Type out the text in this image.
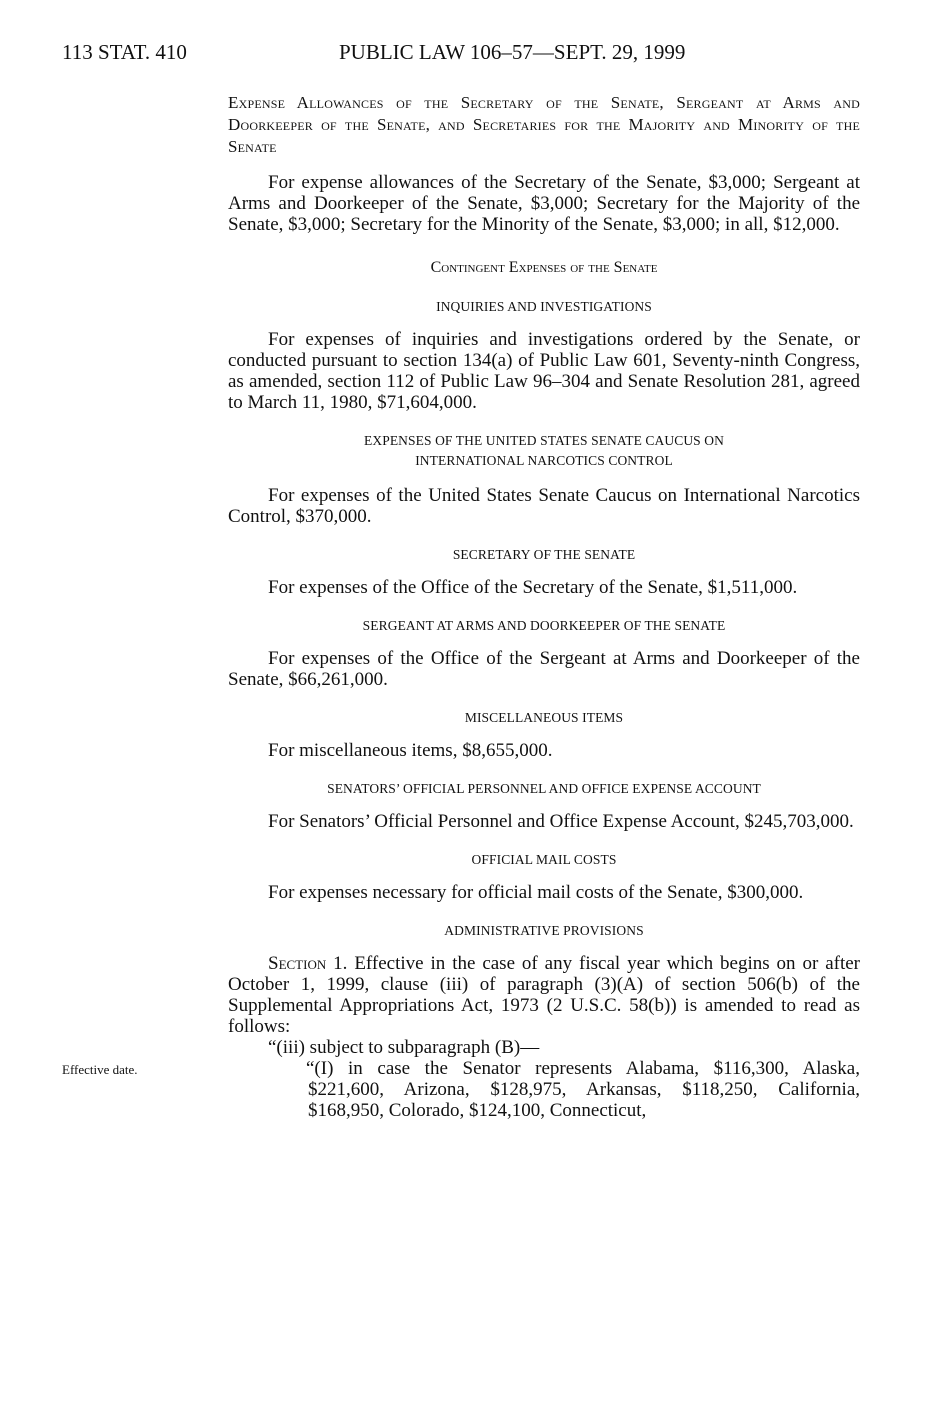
113 STAT. 410	PUBLIC LAW 106–57—SEPT. 29, 1999
Effective date.

Expense Allowances of the Secretary of the Senate, Sergeant at Arms and Doorkeeper of the Senate, and Secretaries for the Majority and Minority of the Senate

For expense allowances of the Secretary of the Senate, $3,000; Sergeant at Arms and Doorkeeper of the Senate, $3,000; Secretary for the Majority of the Senate, $3,000; Secretary for the Minority of the Senate, $3,000; in all, $12,000.

Contingent Expenses of the Senate

INQUIRIES AND INVESTIGATIONS

For expenses of inquiries and investigations ordered by the Senate, or conducted pursuant to section 134(a) of Public Law 601, Seventy-ninth Congress, as amended, section 112 of Public Law 96–304 and Senate Resolution 281, agreed to March 11, 1980, $71,604,000.

EXPENSES OF THE UNITED STATES SENATE CAUCUS ON

INTERNATIONAL NARCOTICS CONTROL

For expenses of the United States Senate Caucus on International Narcotics Control, $370,000.

SECRETARY OF THE SENATE

For expenses of the Office of the Secretary of the Senate, $1,511,000.

SERGEANT AT ARMS AND DOORKEEPER OF THE SENATE

For expenses of the Office of the Sergeant at Arms and Doorkeeper of the Senate, $66,261,000.

MISCELLANEOUS ITEMS

For miscellaneous items, $8,655,000.

SENATORS’ OFFICIAL PERSONNEL AND OFFICE EXPENSE ACCOUNT

For Senators’ Official Personnel and Office Expense Account, $245,703,000.

OFFICIAL MAIL COSTS

For expenses necessary for official mail costs of the Senate, $300,000.

ADMINISTRATIVE PROVISIONS

Section 1. Effective in the case of any fiscal year which begins on or after October 1, 1999, clause (iii) of paragraph (3)(A) of section 506(b) of the Supplemental Appropriations Act, 1973 (2 U.S.C. 58(b)) is amended to read as follows:

“(iii) subject to subparagraph (B)—

“(I) in case the Senator represents Alabama, $116,300, Alaska, $221,600, Arizona, $128,975, Arkansas, $118,250, California, $168,950, Colorado, $124,100, Connecticut,
